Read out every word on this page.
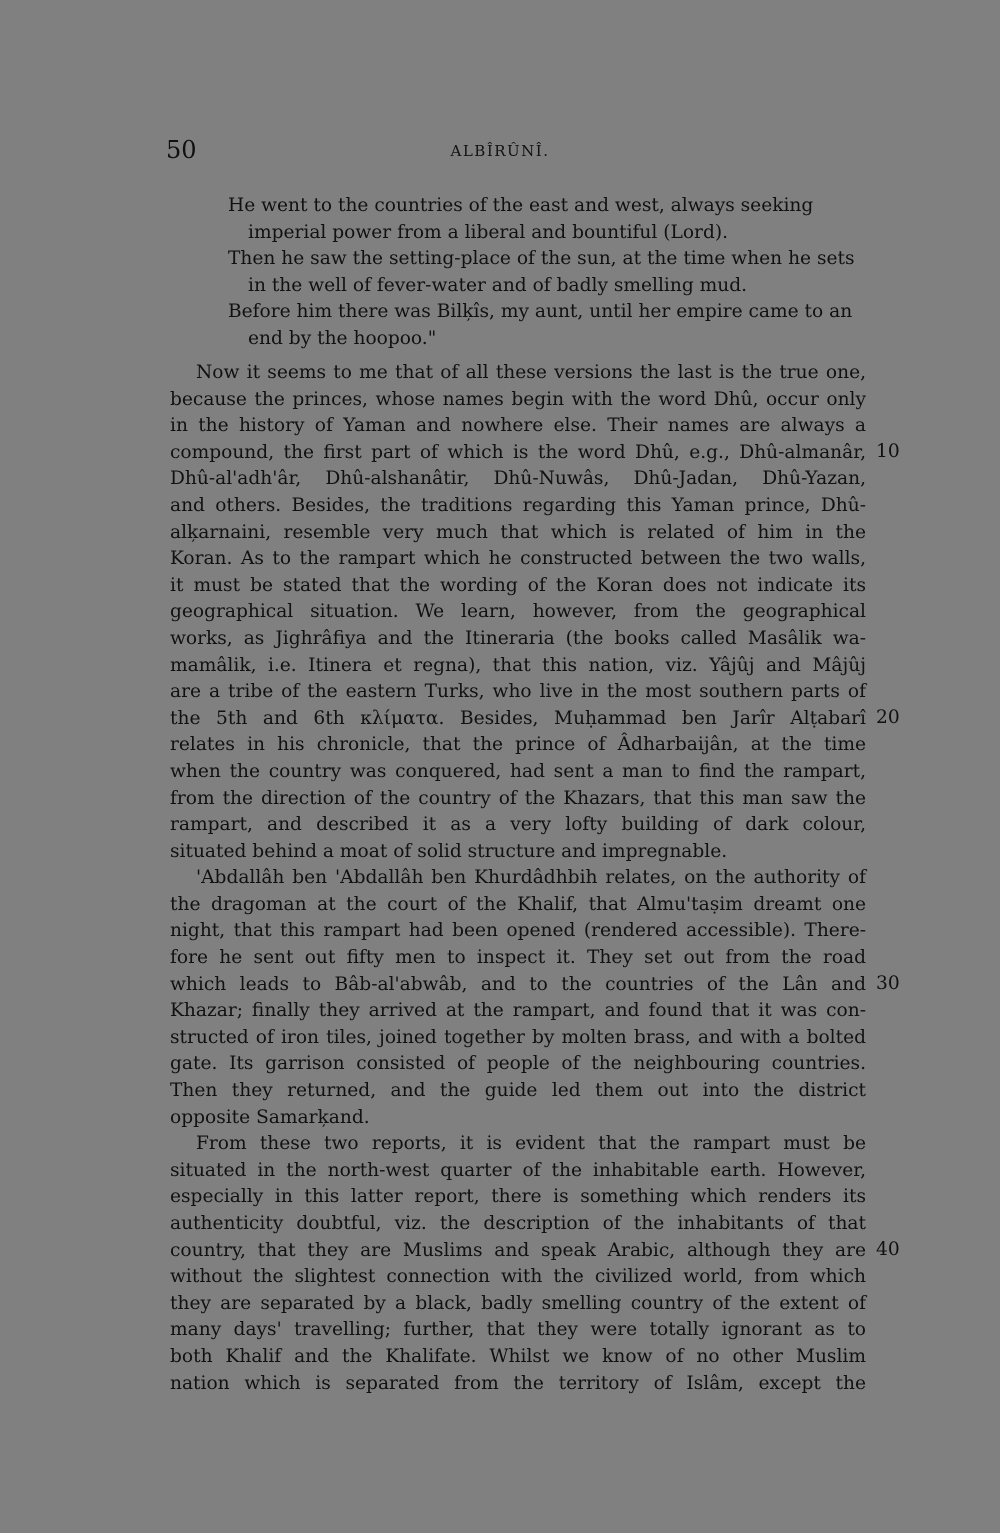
50	ALBÎRÛNÎ.
He went to the countries of the east and west, always seeking
imperial power from a liberal and bountiful (Lord).
Then he saw the setting-place of the sun, at the time when he sets
in the well of fever-water and of badly smelling mud.
Before him there was Bilķîs, my aunt, until her empire came to an
end by the hoopoo."
Now it seems to me that of all these versions the last is the true one,
because the princes, whose names begin with the word Dhû, occur only
in the history of Yaman and nowhere else. Their names are always a
compound, the first part of which is the word Dhû, e.g., Dhû-almanâr,
Dhû-al'adh'âr, Dhû-alshanâtir, Dhû-Nuwâs, Dhû-Jadan, Dhû-Yazan,
and others. Besides, the traditions regarding this Yaman prince, Dhû-
alķarnaini, resemble very much that which is related of him in the
Koran. As to the rampart which he constructed between the two walls,
it must be stated that the wording of the Koran does not indicate its
geographical situation. We learn, however, from the geographical
works, as Jighrâfiya and the Itineraria (the books called Masâlik wa-
mamâlik, i.e. Itinera et regna), that this nation, viz. Yâjûj and Mâjûj
are a tribe of the eastern Turks, who live in the most southern parts of
the 5th and 6th κλίματα. Besides, Muḥammad ben Jarîr Alṭabarî
relates in his chronicle, that the prince of Âdharbaijân, at the time
when the country was conquered, had sent a man to find the rampart,
from the direction of the country of the Khazars, that this man saw the
rampart, and described it as a very lofty building of dark colour,
situated behind a moat of solid structure and impregnable.
'Abdallâh ben 'Abdallâh ben Khurdâdhbih relates, on the authority of
the dragoman at the court of the Khalif, that Almu'taṣim dreamt one
night, that this rampart had been opened (rendered accessible). There-
fore he sent out fifty men to inspect it. They set out from the road
which leads to Bâb-al'abwâb, and to the countries of the Lân and
Khazar; finally they arrived at the rampart, and found that it was con-
structed of iron tiles, joined together by molten brass, and with a bolted
gate. Its garrison consisted of people of the neighbouring countries.
Then they returned, and the guide led them out into the district
opposite Samarķand.
From these two reports, it is evident that the rampart must be
situated in the north-west quarter of the inhabitable earth. However,
especially in this latter report, there is something which renders its
authenticity doubtful, viz. the description of the inhabitants of that
country, that they are Muslims and speak Arabic, although they are
without the slightest connection with the civilized world, from which
they are separated by a black, badly smelling country of the extent of
many days' travelling; further, that they were totally ignorant as to
both Khalif and the Khalifate. Whilst we know of no other Muslim
nation which is separated from the territory of Islâm, except the
10
20
30
40
